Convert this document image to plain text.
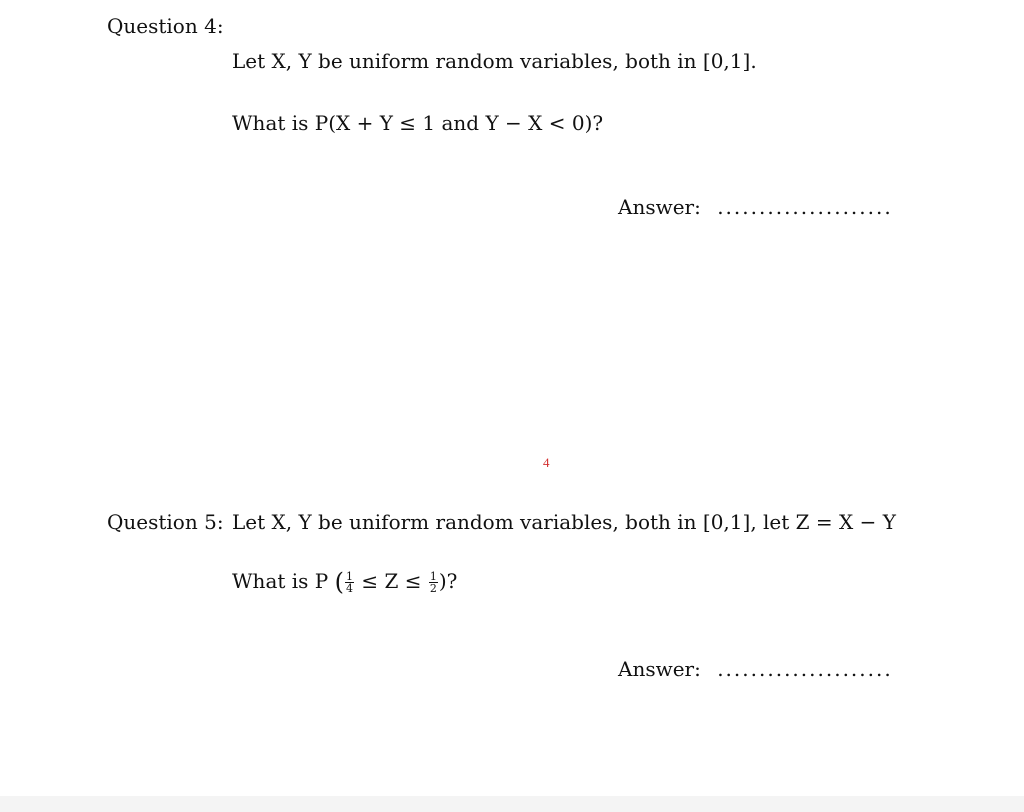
Question 4:
Let X, Y be uniform random variables, both in [0,1].
What is P(X + Y ≤ 1 and Y − X < 0)?
Answer: .....................
4
Question 5: Let X, Y be uniform random variables, both in [0,1], let Z = X − Y
What is P ( $\frac{1}{4} \le Z \le \frac{1}{2}$ )?
Answer: .....................
